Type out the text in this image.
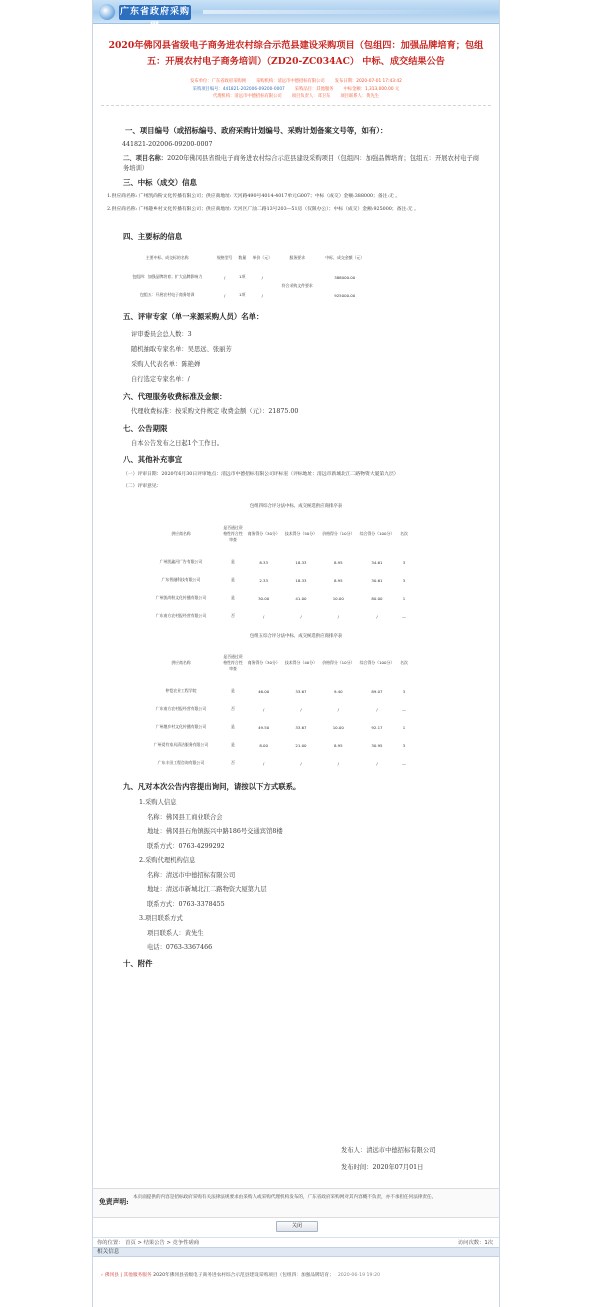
广东省政府采购网
2020年佛冈县省级电子商务进农村综合示范县建设采购项目（包组四：加强品牌培育；包组五：开展农村电子商务培训）（ZD20-ZC034AC） 中标、成交结果公告
发布单位：广东省政府采购网 采购机构：清远市中德招标有限公司 发布日期：2020-07-01 17:43:42
采购项目编号：441821-202006-09200-0007 采购品目：其他服务 中标金额：1,313,000.00 元
代理机构：清远市中德招标有限公司 项目负责人：邓卫东 项目联系人：黄先生
一、项目编号（或招标编号、政府采购计划编号、采购计划备案文号等，如有）：
441821-202006-09200-0007
二、项目名称：2020年佛冈县省级电子商务进农村综合示范县建设采购项目（包组四：加强品牌培育；包组五：开展农村电子商务培训）
三、中标（成交）信息
1.供应商名称: 广州凯尚粉文化传播有限公司；供应商地址: 天河路490号4014-4017单元G007；中标（成交）金额:388000；备注:无 。
2.供应商名称: 广州趣乡村文化传播有限公司；供应商地址: 天河区广汕二路13号203—51房（仅限办公）；中标（成交）金额:925000；备注:无 。
四、主要标的信息
主要中标、成交标的名称	规格型号	数量	单价（元）	服务要求	中标、成交金额（元）
包组四：加强品牌培育；扩大品牌影响力	/	1项	/	符合采购文件要求	388000.00
包组五：开展农村电子商务培训	/	1项	/		925000.00
五、评审专家（单一来源采购人员）名单：
评审委员会总人数：3
随机抽取专家名单：吴思远、张丽芳
采购人代表名单：陈艳婵
自行选定专家名单：/
六、代理服务收费标准及金额：
代理收费标准：按采购文件规定 收费金额（元）：21875.00
七、公告期限
自本公告发布之日起1个工作日。
八、其他补充事宜
（一）评审日期：2020年6月30日评审地点：清远市中德招标有限公司评标室（评标地址：清远市新城北江二路物资大厦第九层）
（二）评审意见：
包组四综合评分法中标、成交候选供应商排序表
供应商名称	是否通过资格性符合性审查	商务得分（30分）	技术得分（50分）	价格得分（10分）	综合得分（100分）	名次
广州凯鑫河广告有限公司	是	8.33	18.33	8.95	34.61	3
广东智融科技有限公司	是	2.33	18.33	8.95	30.61	3
广州凯尚粉文化传播有限公司	是	30.00	41.00	10.00	80.00	1
广东南方农村报经营有限公司	否	/	/	/	/	—
包组五综合评分法中标、成交候选供应商排序表
供应商名称	是否通过资格性符合性审查	商务得分（30分）	技术得分（40分）	价格得分（10分）	综合得分（100分）	名次
仲恺农业工程学院	是	46.00	33.67	9.40	89.07	3
广东南方农村报经营有限公司	否	/	/	/	/	—
广州趣乡村文化传播有限公司	是	49.50	33.67	10.00	92.17	1
广州爱有家具清洁服务有限公司	是	8.00	21.00	8.95	30.95	3
广东丰田工程咨询有限公司	否	/	/	/	/	—
九、凡对本次公告内容提出询问，请按以下方式联系。
1.采购人信息
名称：佛冈县工商业联合会
地址：佛冈县石角镇振兴中路186号交通宾馆8楼
联系方式：0763-4299292
2.采购代理机构信息
名称：清远市中德招标有限公司
地址：清远市新城北江二路物资大厦第九层
联系方式：0763-3378455
3.项目联系方式
项目联系人：黄先生
电话：0763-3367466
十、附件
发布人：清远市中德招标有限公司
发布时间：2020年07月01日
免责声明:
本页面提供的内容是招标政府采购有关法律法规要求由采购人或采购代理机构发布的，广东省政府采购网对其内容概不负责，亦不承担任何法律责任。
关闭
你的位置： 首页 > 结果公告 > 竞争性磋商	访问次数：1次
相关信息
› 佛冈县 | 其他服务服务 2020年佛冈县省级电子商务进农村综合示范县建设采购项目（包组四：加强品牌培育； 2020-06-19 19:20
